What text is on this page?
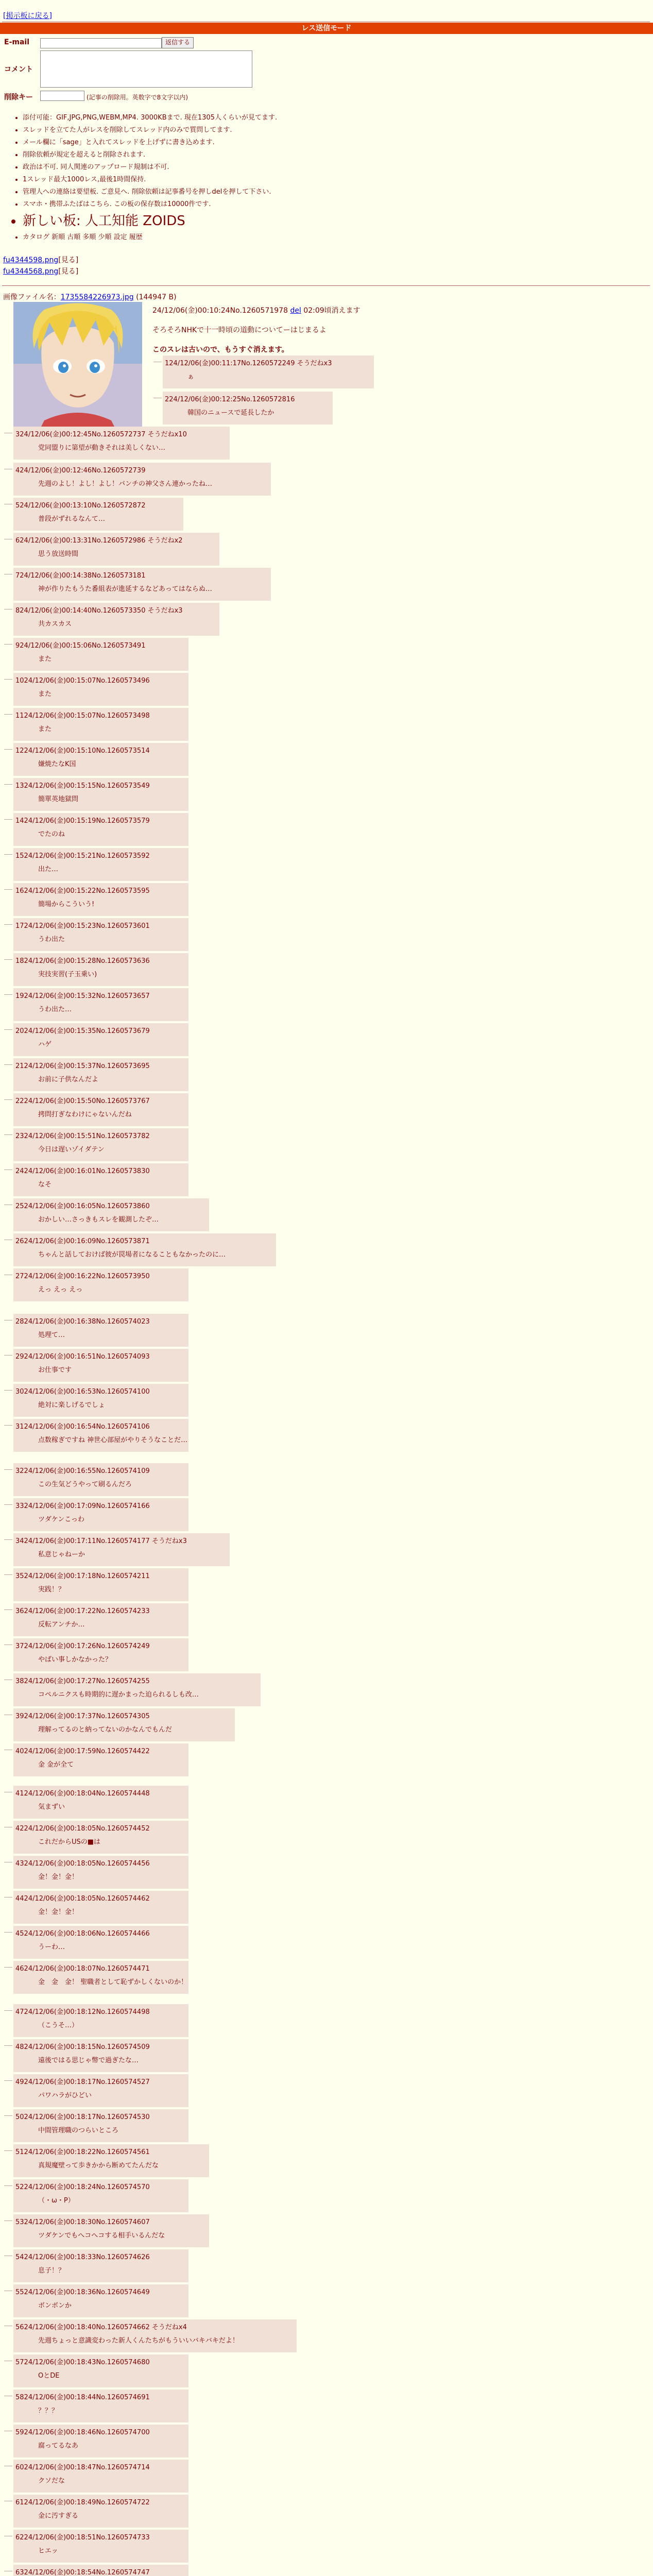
[掲示板に戻る]
レス送信モード
E-mail	返信する
コメント
削除キー	(記事の削除用。英数字で8文字以内)
• 添付可能：GIF,JPG,PNG,WEBM,MP4. 3000KBまで. 現在1305人くらいが見てます.
• スレッドを立てた人がレスを削除してスレッド内のみで質問してます.
• メール欄に「sage」と入れてスレッドを上げずに書き込めます.
• 削除依頼が規定を超えると削除されます.
• 政治は不可. 同人関連のアップロード規制は不可.
• 1スレッド最大1000レス,最後1時間保持.
• 管理人への連絡は要望板. ご意見へ. 削除依頼は記事番号を押しdelを押して下さい.
• スマホ・携帯ふたばはこちら. この板の保存数は10000件です.
• 新しい板: 人工知能 ZOIDS
• カタログ 新順 古順 多順 少順 設定 履歴
fu4344598.png[見る]
fu4344568.png[見る]
画像ファイル名：1735584226973.jpg (144947 B)
24/12/06(金)00:10:24No.1260571978 del 02:09頃消えます
そろそろNHKで十一時頃の道動についてーはじまるよ
このスレは古いので、もうすぐ消えます。
124/12/06(金)00:11:17No.1260572249 そうだねx3
ぁ
224/12/06(金)00:12:25No.1260572816
韓国のニュースで延長したか
324/12/06(金)00:12:45No.1260572737 そうだねx10
党同盟りに第望が動きそれは美しくない…
424/12/06(金)00:12:46No.1260572739
先週のよし！よし！よし！バンチの神父さん連かったね…
524/12/06(金)00:13:10No.1260572872
普段がずれるなんて…
624/12/06(金)00:13:31No.1260572986 そうだねx2
思う放送時間
724/12/06(金)00:14:38No.1260573181
神が作りたもうた番組表が進延するなどあってはならぬ…
824/12/06(金)00:14:40No.1260573350 そうだねx3
共カスカス
924/12/06(金)00:15:06No.1260573491
また
1024/12/06(金)00:15:07No.1260573496
また
1124/12/06(金)00:15:07No.1260573498
また
1224/12/06(金)00:15:10No.1260573514
嫌焼たなK国
1324/12/06(金)00:15:15No.1260573549
簡單英地獄問
1424/12/06(金)00:15:19No.1260573579
でたのね
1524/12/06(金)00:15:21No.1260573592
出た…
1624/12/06(金)00:15:22No.1260573595
簡場からこういう!
1724/12/06(金)00:15:23No.1260573601
うわ出た
1824/12/06(金)00:15:28No.1260573636
実技実習(子玉乗い)
1924/12/06(金)00:15:32No.1260573657
うわ出た…
2024/12/06(金)00:15:35No.1260573679
ハゲ
2124/12/06(金)00:15:37No.1260573695
お前に子供なんだよ
2224/12/06(金)00:15:50No.1260573767
拷問打ぎなわけにゃないんだね
2324/12/06(金)00:15:51No.1260573782
今日は遅いゾイダテン
2424/12/06(金)00:16:01No.1260573830
なそ
2524/12/06(金)00:16:05No.1260573860
おかしい…さっきもスレを観測したぞ…
2624/12/06(金)00:16:09No.1260573871
ちゃんと話しておけば彼が罠場者になることもなかったのに…
2724/12/06(金)00:16:22No.1260573950
えっ えっ えっ
2824/12/06(金)00:16:38No.1260574023
処理て…
2924/12/06(金)00:16:51No.1260574093
お仕事です
3024/12/06(金)00:16:53No.1260574100
絶対に楽しげるでしょ
3124/12/06(金)00:16:54No.1260574106
点数稼ぎですね 神世心部屋がやりそうなことだ…
3224/12/06(金)00:16:55No.1260574109
この生気どうやって刷るんだろ
3324/12/06(金)00:17:09No.1260574166
ツダケンこっわ
3424/12/06(金)00:17:11No.1260574177 そうだねx3
私意じゃねーか
3524/12/06(金)00:17:18No.1260574211
実践！？
3624/12/06(金)00:17:22No.1260574233
反転アンチか…
3724/12/06(金)00:17:26No.1260574249
やばい事しかなかった？
3824/12/06(金)00:17:27No.1260574255
コペルニクスも時期的に遅かまった迫られるしも改…
3924/12/06(金)00:17:37No.1260574305
理解ってるのと納ってないのかなんでもんだ
4024/12/06(金)00:17:59No.1260574422
金 金が全て
4124/12/06(金)00:18:04No.1260574448
気まずい
4224/12/06(金)00:18:05No.1260574452
これだからUSの■は
4324/12/06(金)00:18:05No.1260574456
金！金！金！
4424/12/06(金)00:18:05No.1260574462
金！金！金！
4524/12/06(金)00:18:06No.1260574466
うーわ…
4624/12/06(金)00:18:07No.1260574471
金　金　金！ 聖職者として恥ずかしくないのか！
4724/12/06(金)00:18:12No.1260574498
（こうそ…）
4824/12/06(金)00:18:15No.1260574509
遠後ではる思じゃ幣で過ぎたな…
4924/12/06(金)00:18:17No.1260574527
パワハラがひどい
5024/12/06(金)00:18:17No.1260574530
中間管理職のつらいところ
5124/12/06(金)00:18:22No.1260574561
真規魔壁って歩きかから断めてたんだな
5224/12/06(金)00:18:24No.1260574570
（・ω・P）
5324/12/06(金)00:18:30No.1260574607
ツダケンでもへコへコする相手いるんだな
5424/12/06(金)00:18:33No.1260574626
息子！？
5524/12/06(金)00:18:36No.1260574649
ボンボンか
5624/12/06(金)00:18:40No.1260574662 そうだねx4
先週ちょっと意識変わった新人くんたちがもういいバキバキだよ！
5724/12/06(金)00:18:43No.1260574680
OとDE
5824/12/06(金)00:18:44No.1260574691
？？？
5924/12/06(金)00:18:46No.1260574700
腐ってるなあ
6024/12/06(金)00:18:47No.1260574714
クソだな
6124/12/06(金)00:18:49No.1260574722
金に汚すぎる
6224/12/06(金)00:18:51No.1260574733
ヒエッ
6324/12/06(金)00:18:54No.1260574747
